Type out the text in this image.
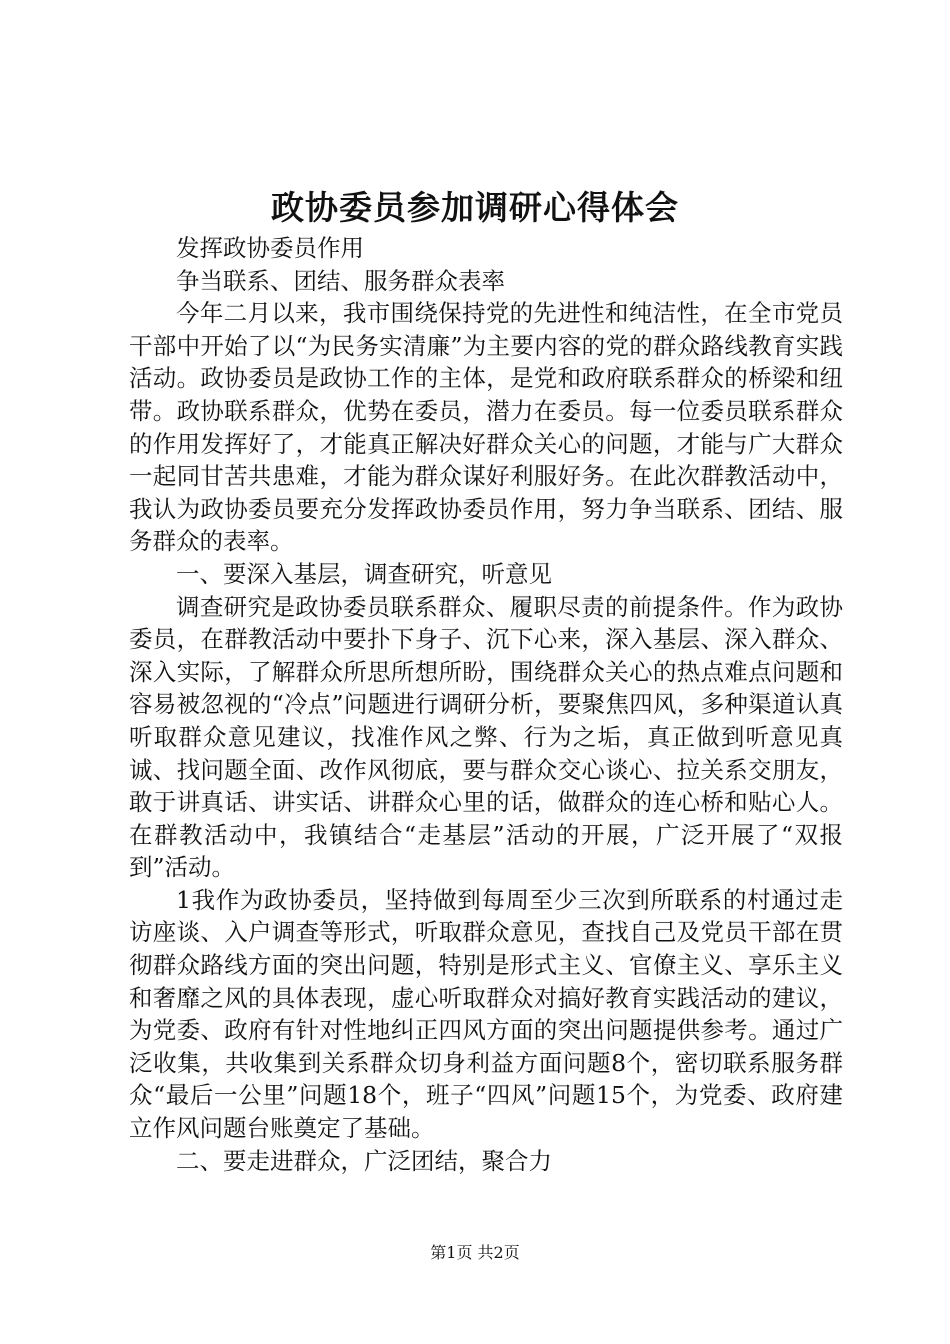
政协委员参加调研心得体会

发挥政协委员作用

争当联系、团结、服务群众表率

今年二月以来，我市围绕保持党的先进性和纯洁性，在全市党员干部中开始了以“为民务实清廉”为主要内容的党的群众路线教育实践活动。政协委员是政协工作的主体，是党和政府联系群众的桥梁和纽带。政协联系群众，优势在委员，潜力在委员。每一位委员联系群众的作用发挥好了，才能真正解决好群众关心的问题，才能与广大群众一起同甘苦共患难，才能为群众谋好利服好务。在此次群教活动中，我认为政协委员要充分发挥政协委员作用，努力争当联系、团结、服务群众的表率。

一、要深入基层，调查研究，听意见

调查研究是政协委员联系群众、履职尽责的前提条件。作为政协委员，在群教活动中要扑下身子、沉下心来，深入基层、深入群众、深入实际，了解群众所思所想所盼，围绕群众关心的热点难点问题和容易被忽视的“冷点”问题进行调研分析，要聚焦四风，多种渠道认真听取群众意见建议，找准作风之弊、行为之垢，真正做到听意见真诚、找问题全面、改作风彻底，要与群众交心谈心、拉关系交朋友，敢于讲真话、讲实话、讲群众心里的话，做群众的连心桥和贴心人。在群教活动中，我镇结合“走基层”活动的开展，广泛开展了“双报到”活动。

1我作为政协委员，坚持做到每周至少三次到所联系的村通过走访座谈、入户调查等形式，听取群众意见，查找自己及党员干部在贯彻群众路线方面的突出问题，特别是形式主义、官僚主义、享乐主义和奢靡之风的具体表现，虚心听取群众对搞好教育实践活动的建议，为党委、政府有针对性地纠正四风方面的突出问题提供参考。通过广泛收集，共收集到关系群众切身利益方面问题8个，密切联系服务群众“最后一公里”问题18个，班子“四风”问题15个，为党委、政府建立作风问题台账奠定了基础。

二、要走进群众，广泛团结，聚合力

第1页 共2页
